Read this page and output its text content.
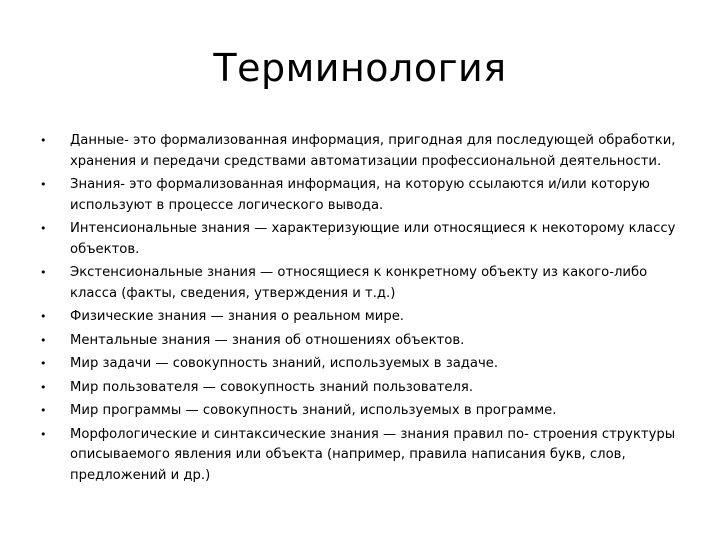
Терминология
•	Данные- это формализованная информация, пригодная для последующей обработки, хранения и передачи средствами автоматизации профессиональной деятельности.
•	Знания- это формализованная информация, на которую ссылаются и/или которую используют в процессе логического вывода.
•	Интенсиональные знания — характеризующие или относящиеся к некоторому классу объектов.
•	Экстенсиональные знания — относящиеся к конкретному объекту из какого-либо класса (факты, сведения, утверждения и т.д.)
•	Физические знания — знания о реальном мире.
•	Ментальные знания — знания об отношениях объектов.
•	Мир задачи — совокупность знаний, используемых в задаче.
•	Мир пользователя — совокупность знаний пользователя.
•	Мир программы — совокупность знаний, используемых в программе.
•	Морфологические и синтаксические знания — знания правил по- строения структуры описываемого явления или объекта (например, правила написания букв, слов, предложений и др.)
